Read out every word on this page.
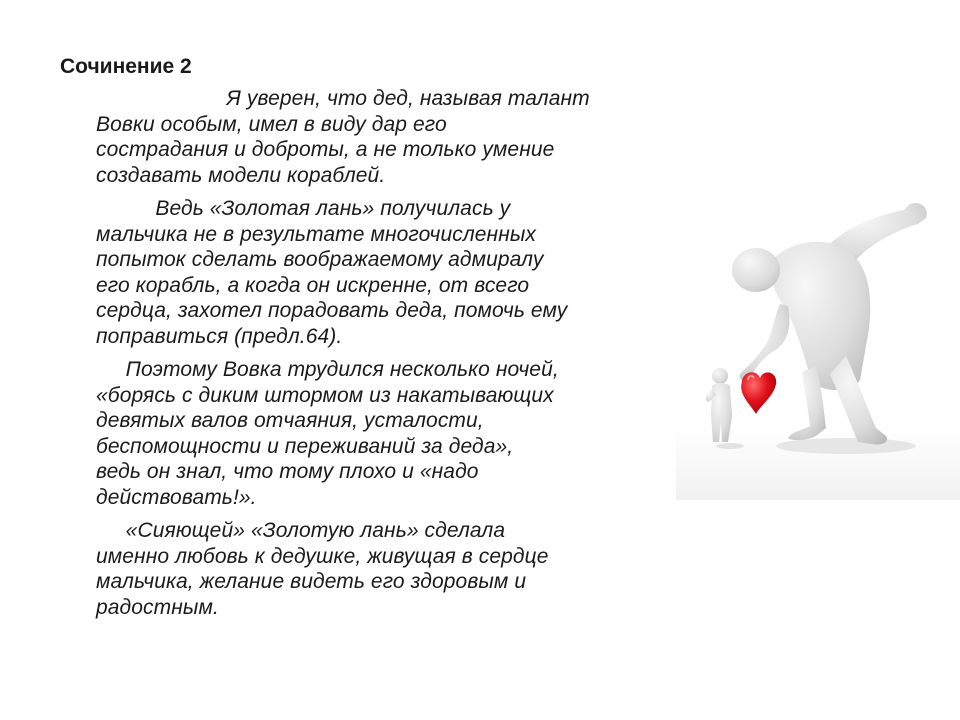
Сочинение 2

Я уверен, что дед, называя талант
Вовки особым, имел в виду дар его
сострадания и доброты, а не только умение
создавать модели кораблей.

Ведь «Золотая лань» получилась у
мальчика не в результате многочисленных
попыток сделать воображаемому адмиралу
его корабль, а когда он искренне, от всего
сердца, захотел порадовать деда, помочь ему
поправиться (предл.64).

Поэтому Вовка трудился несколько ночей,
«борясь с диким штормом из накатывающих
девятых валов отчаяния, усталости,
беспомощности и переживаний за деда»,
ведь он знал, что тому плохо и «надо
действовать!».

«Сияющей» «Золотую лань» сделала
именно любовь к дедушке, живущая в сердце
мальчика, желание видеть его здоровым и
радостным.
